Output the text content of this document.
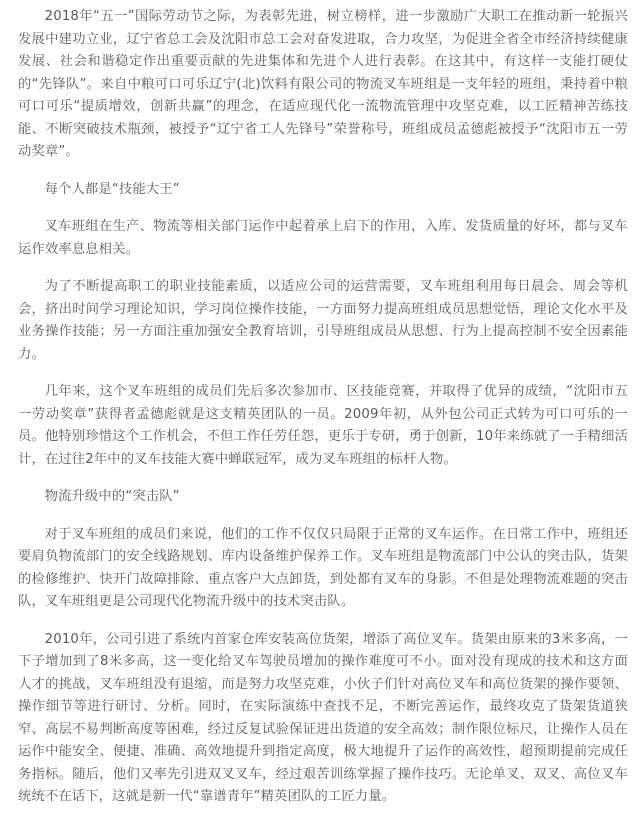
2018年“五一”国际劳动节之际，为表彰先进，树立榜样，进一步激励广大职工在推动新一轮振兴发展中建功立业，辽宁省总工会及沈阳市总工会对奋发进取，合力攻坚，为促进全省全市经济持续健康发展、社会和谐稳定作出重要贡献的先进集体和先进个人进行表彰。在这其中，有这样一支能打硬仗的“先锋队”。来自中粮可口可乐辽宁(北)饮料有限公司的物流叉车班组是一支年轻的班组，秉持着中粮可口可乐“提质增效，创新共赢”的理念，在适应现代化一流物流管理中攻坚克难，以工匠精神苦练技能、不断突破技术瓶颈，被授予“辽宁省工人先锋号”荣誉称号，班组成员孟德彪被授予“沈阳市五一劳动奖章”。

每个人都是“技能大王”

叉车班组在生产、物流等相关部门运作中起着承上启下的作用，入库、发货质量的好坏，都与叉车运作效率息息相关。

为了不断提高职工的职业技能素质，以适应公司的运营需要，叉车班组利用每日晨会、周会等机会，挤出时间学习理论知识，学习岗位操作技能，一方面努力提高班组成员思想觉悟，理论文化水平及业务操作技能；另一方面注重加强安全教育培训，引导班组成员从思想、行为上提高控制不安全因素能力。

几年来，这个叉车班组的成员们先后多次参加市、区技能竞赛，并取得了优异的成绩，“沈阳市五一劳动奖章”获得者孟德彪就是这支精英团队的一员。2009年初，从外包公司正式转为可口可乐的一员。他特别珍惜这个工作机会，不但工作任劳任怨，更乐于专研，勇于创新，10年来练就了一手精细活计，在过往2年中的叉车技能大赛中蝉联冠军，成为叉车班组的标杆人物。

物流升级中的“突击队”

对于叉车班组的成员们来说，他们的工作不仅仅只局限于正常的叉车运作。在日常工作中，班组还要肩负物流部门的安全线路规划、库内设备维护保养工作。叉车班组是物流部门中公认的突击队，货架的检修维护、快开门故障排除、重点客户大点卸货，到处都有叉车的身影。不但是处理物流难题的突击队，叉车班组更是公司现代化物流升级中的技术突击队。

2010年，公司引进了系统内首家仓库安装高位货架，增添了高位叉车。货架由原来的3米多高，一下子增加到了8米多高，这一变化给叉车驾驶员增加的操作难度可不小。面对没有现成的技术和这方面人才的挑战，叉车班组没有退缩，而是努力攻坚克难，小伙子们针对高位叉车和高位货架的操作要领、操作细节等进行研讨、分析。同时，在实际演练中查找不足，不断完善运作，最终攻克了货架货道狭窄、高层不易判断高度等困难，经过反复试验保证进出货道的安全高效；制作限位标尺，让操作人员在运作中能安全、便捷、准确、高效地提升到指定高度，极大地提升了运作的高效性，超预期提前完成任务指标。随后，他们又率先引进双叉叉车，经过艰苦训练掌握了操作技巧。无论单叉、双叉、高位叉车统统不在话下，这就是新一代“靠谱青年”精英团队的工匠力量。
